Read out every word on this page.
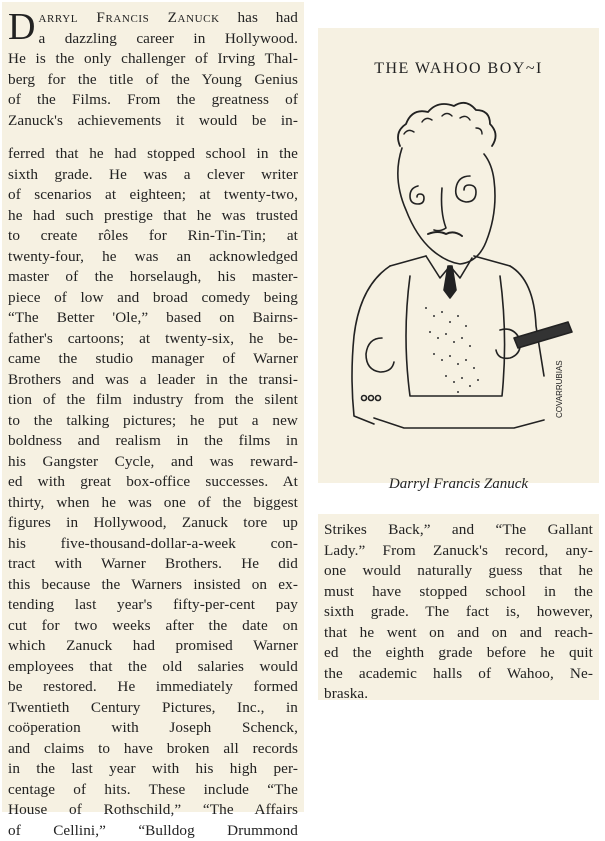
D arryl Francis Zanuck has had
a dazzling career in Hollywood.
He is the only challenger of Irving Thal-
berg for the title of the Young Genius
of the Films. From the greatness of
Zanuck's achievements it would be in-
ferred that he had stopped school in the
sixth grade. He was a clever writer
of scenarios at eighteen; at twenty-two,
he had such prestige that he was trusted
to create rôles for Rin-Tin-Tin; at
twenty-four, he was an acknowledged
master of the horselaugh, his master-
piece of low and broad comedy being
“The Better 'Ole,” based on Bairns-
father's cartoons; at twenty-six, he be-
came the studio manager of Warner
Brothers and was a leader in the transi-
tion of the film industry from the silent
to the talking pictures; he put a new
boldness and realism in the films in
his Gangster Cycle, and was reward-
ed with great box-office successes. At
thirty, when he was one of the biggest
figures in Hollywood, Zanuck tore up
his five-thousand-dollar-a-week con-
tract with Warner Brothers. He did
this because the Warners insisted on ex-
tending last year's fifty-per-cent pay
cut for two weeks after the date on
which Zanuck had promised Warner
employees that the old salaries would
be restored. He immediately formed
Twentieth Century Pictures, Inc., in
coöperation with Joseph Schenck,
and claims to have broken all records
in the last year with his high per-
centage of hits. These include “The
House of Rothschild,” “The Affairs
of Cellini,” “Bulldog Drummond
THE WAHOO BOY~I
COVARRUBIAS
Darryl Francis Zanuck
Strikes Back,” and “The Gallant
Lady.” From Zanuck's record, any-
one would naturally guess that he
must have stopped school in the
sixth grade. The fact is, however,
that he went on and on and reach-
ed the eighth grade before he quit
the academic halls of Wahoo, Ne-
braska.
